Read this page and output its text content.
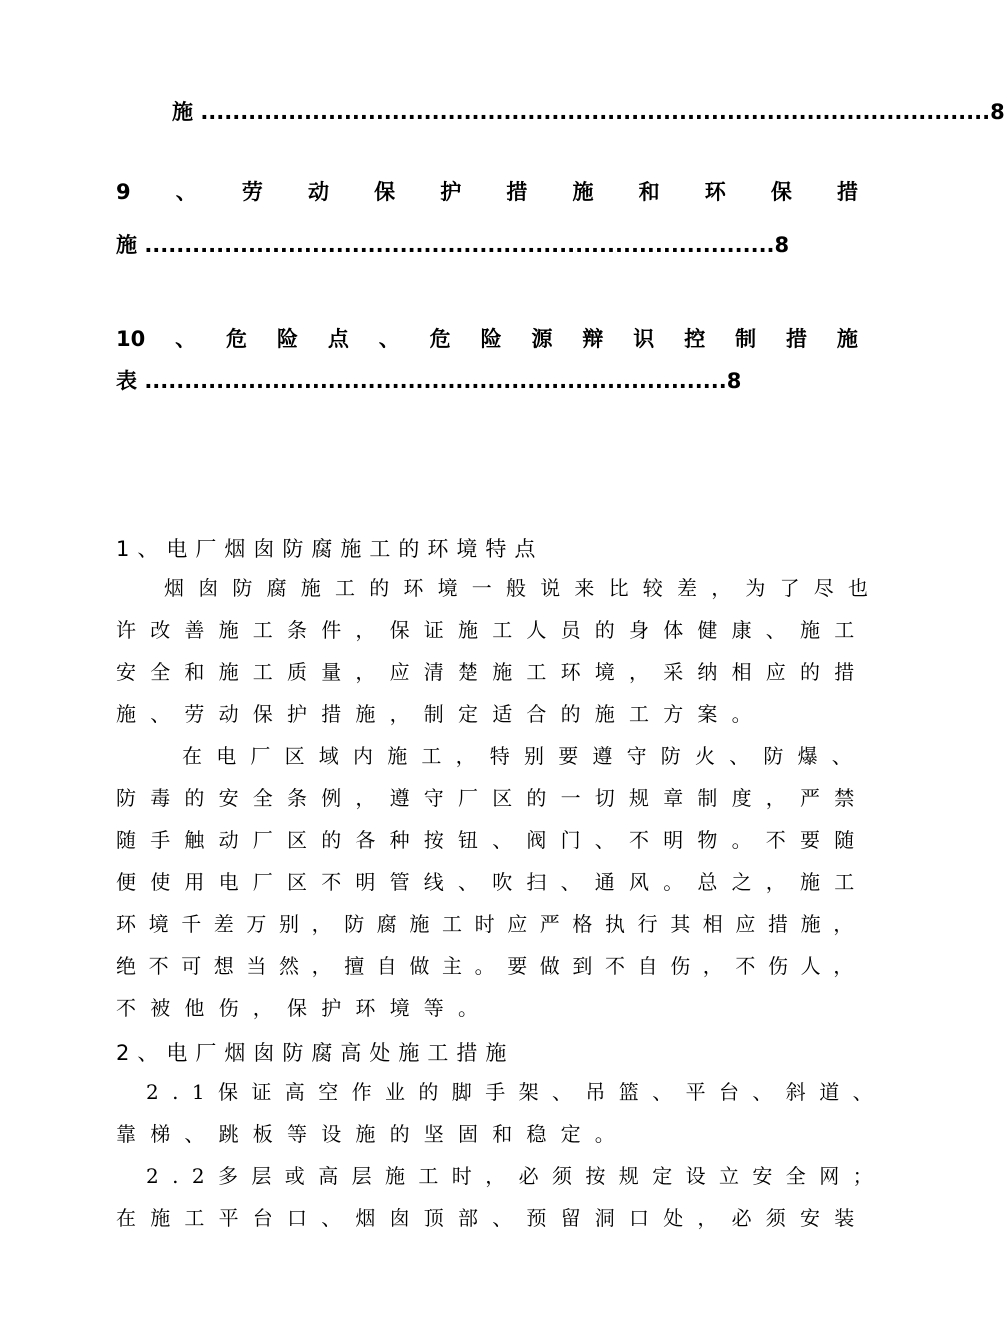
施 ...................................................................................................8
9 、 劳 动 保 护 措 施 和 环 保 措
施 ...............................................................................8
10 、 危 险 点 、 危 险 源 辩 识 控 制 措 施
表 .........................................................................8
1、电厂烟囱防腐施工的环境特点
烟囱防腐施工的环境一般说来比较差，为了尽也
许改善施工条件，保证施工人员的身体健康、施工
安全和施工质量，应清楚施工环境，采纳相应的措
施、劳动保护措施，制定适合的施工方案。
在电厂区域内施工，特别要遵守防火、防爆、
防毒的安全条例，遵守厂区的一切规章制度，严禁
随手触动厂区的各种按钮、阀门、不明物。不要随
便使用电厂区不明管线、吹扫、通风。总之，施工
环境千差万别，防腐施工时应严格执行其相应措施，
绝不可想当然，擅自做主。要做到不自伤，不伤人，
不被他伤，保护环境等。
2、电厂烟囱防腐高处施工措施
2.1保证高空作业的脚手架、吊篮、平台、斜道、
靠梯、跳板等设施的坚固和稳定。
2.2多层或高层施工时，必须按规定设立安全网；
在施工平台口、烟囱顶部、预留洞口处，必须安装
